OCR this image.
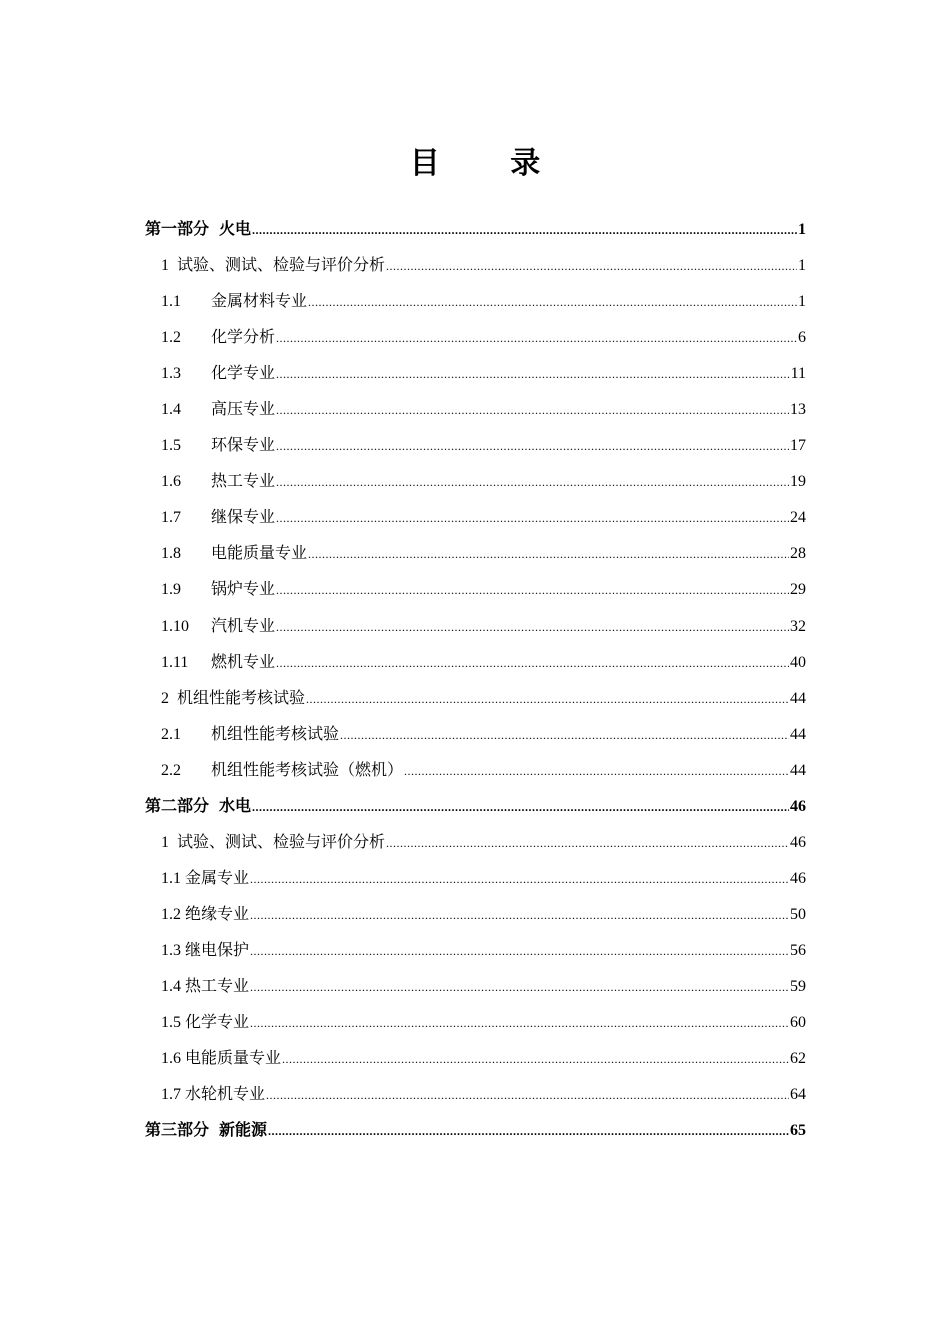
目 录
第一部分 火电 .....	1
1 试验、测试、检验与评价分析 .....	1
1.1	金属材料专业 .....	1
1.2	化学分析 .....	6
1.3	化学专业 .....	11
1.4	高压专业 .....	13
1.5	环保专业 .....	17
1.6	热工专业 .....	19
1.7	继保专业 .....	24
1.8	电能质量专业 .....	28
1.9	锅炉专业 .....	29
1.10	汽机专业 .....	32
1.11	燃机专业 .....	40
2 机组性能考核试验 .....	44
2.1	机组性能考核试验 .....	44
2.2	机组性能考核试验（燃机） .....	44
第二部分 水电 .....	46
1 试验、测试、检验与评价分析 .....	46
1.1 金属专业 .....	46
1.2 绝缘专业 .....	50
1.3 继电保护 .....	56
1.4 热工专业 .....	59
1.5 化学专业 .....	60
1.6 电能质量专业 .....	62
1.7 水轮机专业 .....	64
第三部分 新能源 .....	65
